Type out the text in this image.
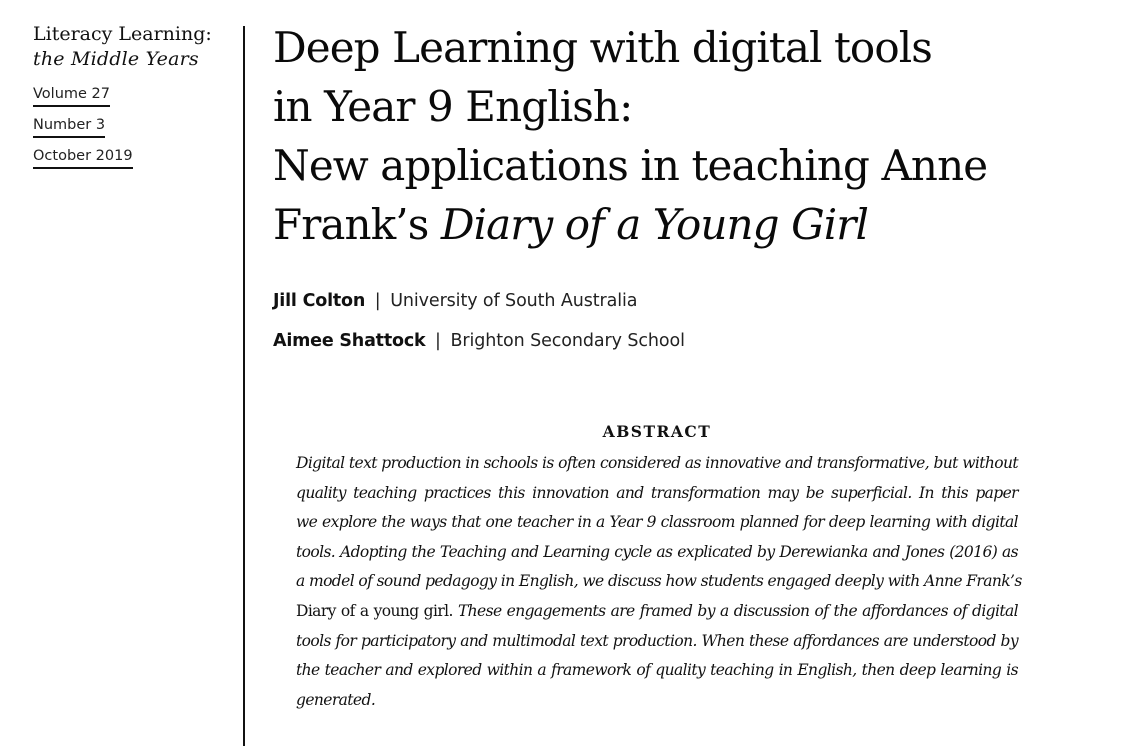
Literacy Learning:
the Middle Years
Volume 27
Number 3
October 2019
Deep Learning with digital tools
in Year 9 English:
New applications in teaching Anne
Frank’s Diary of a Young Girl
Jill Colton | University of South Australia
Aimee Shattock | Brighton Secondary School
ABSTRACT
Digital text production in schools is often considered as innovative and transformative, but without
quality teaching practices this innovation and transformation may be superficial. In this paper
we explore the ways that one teacher in a Year 9 classroom planned for deep learning with digital
tools. Adopting the Teaching and Learning cycle as explicated by Derewianka and Jones (2016) as
a model of sound pedagogy in English, we discuss how students engaged deeply with Anne Frank’s
Diary of a young girl. These engagements are framed by a discussion of the affordances of digital
tools for participatory and multimodal text production. When these affordances are understood by
the teacher and explored within a framework of quality teaching in English, then deep learning is
generated.
